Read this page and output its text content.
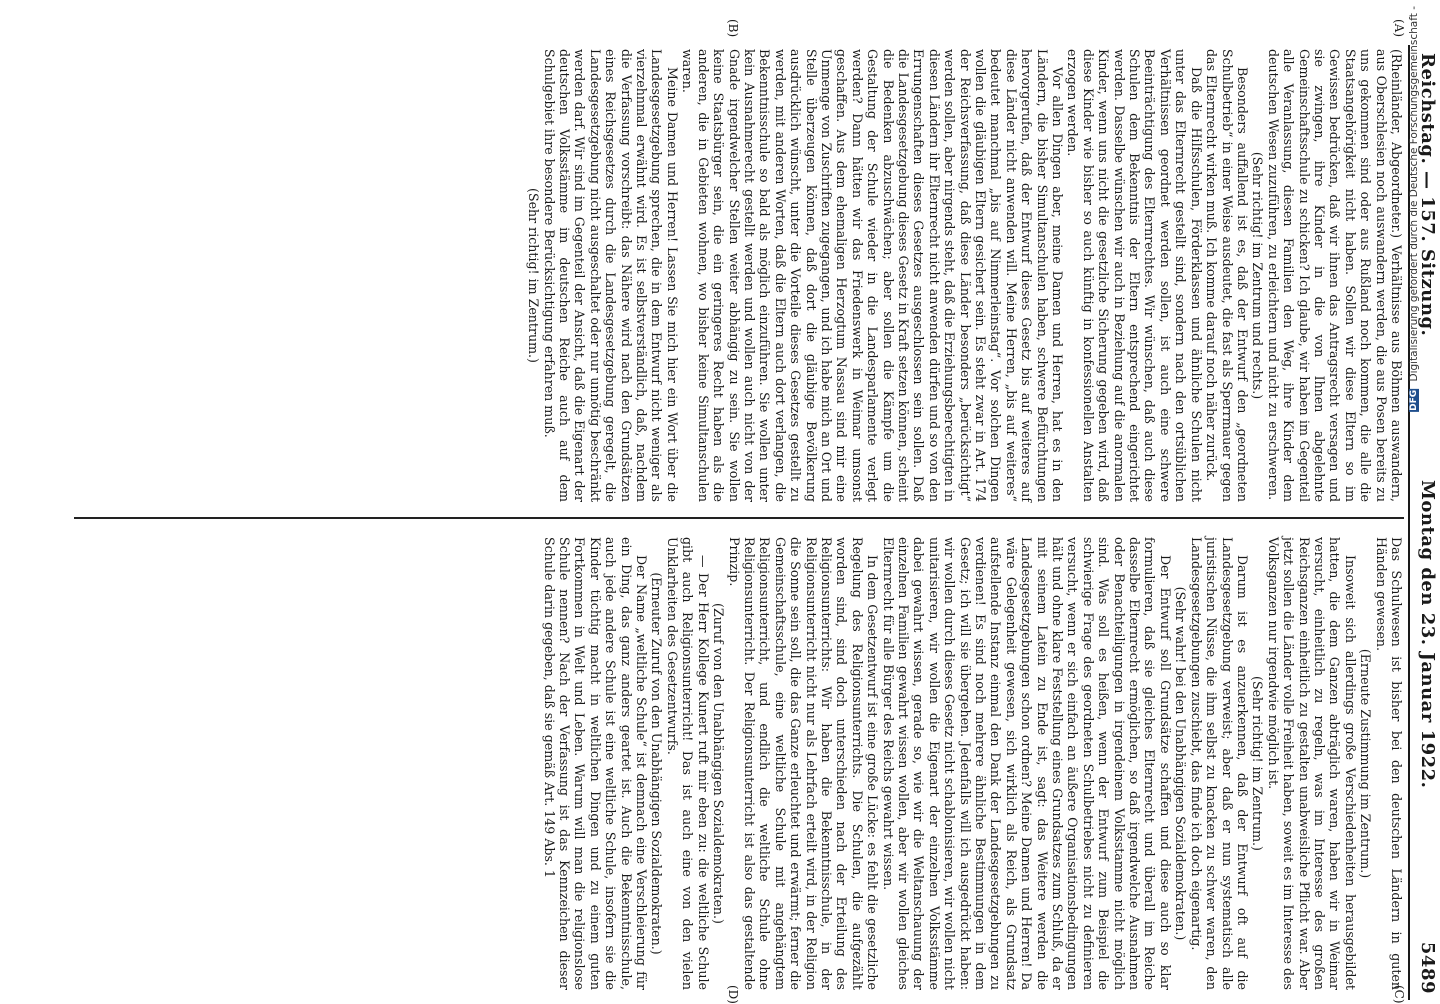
Reichstag. — 157. Sitzung.
Montag den 23. Januar 1922.
5489
(A)
(B)
(C)
(D)

(Rheinländer, Abgeordneter.) Verhältnisse aus Böhmen auswandern, aus Oberschlesien noch auswandern werden, die aus Posen bereits zu uns gekommen sind oder aus Rußland noch kommen, die alle die Staatsangehörigkeit nicht haben. Sollen wir diese Eltern so im Gewissen bedrücken, daß wir ihnen das Antragsrecht versagen und sie zwingen, ihre Kinder in die von Ihnen abgelehnte Gemeinschaftsschule zu schicken? Ich glaube, wir haben im Gegenteil alle Veranlassung, diesen Familien den Weg, ihre Kinder dem deutschen Wesen zuzuführen, zu erleichtern und nicht zu erschweren.

(Sehr richtig! im Zentrum und rechts.)

Besonders auffallend ist es, daß der Entwurf den „geordneten Schulbetrieb“ in einer Weise ausdeutet, die fast als Sperrmauer gegen das Elternrecht wirken muß. Ich komme darauf noch näher zurück.

Daß die Hilfsschulen, Förderklassen und ähnliche Schulen nicht unter das Elternrecht gestellt sind, sondern nach den ortsüblichen Verhältnissen geordnet werden sollen, ist auch eine schwere Beeinträchtigung des Elternrechtes. Wir wünschen, daß auch diese Schulen dem Bekenntnis der Eltern entsprechend eingerichtet werden. Dasselbe wünschen wir auch in Beziehung auf die anormalen Kinder, wenn uns nicht die gesetzliche Sicherung gegeben wird, daß diese Kinder wie bisher so auch künftig in konfessionellen Anstalten erzogen werden.

Vor allen Dingen aber, meine Damen und Herren, hat es in den Ländern, die bisher Simultanschulen haben, schwere Befürchtungen hervorgerufen, daß der Entwurf dieses Gesetz bis auf weiteres auf diese Länder nicht anwenden will. Meine Herren, „bis auf weiteres“ bedeutet manchmal „bis auf Nimmerleinstag“. Vor solchen Dingen wollen die gläubigen Eltern gesichert sein. Es steht zwar in Art. 174 der Reichsverfassung, daß diese Länder besonders „berücksichtigt“ werden sollen, aber nirgends steht, daß die Erziehungsberechtigten in diesen Ländern ihr Elternrecht nicht anwenden dürfen und so von den Errungenschaften dieses Gesetzes ausgeschlossen sein sollen. Daß die Landesgesetzgebung dieses Gesetz in Kraft setzen können, scheint die Bedenken abzuschwächen; aber sollen die Kämpfe um die Gestaltung der Schule wieder in die Landesparlamente verlegt werden? Dann hätten wir das Friedenswerk in Weimar umsonst geschaffen. Aus dem ehemaligen Herzogtum Nassau sind mir eine Unmenge von Zuschriften zugegangen, und ich habe mich an Ort und Stelle überzeugen können, daß dort die gläubige Bevölkerung ausdrücklich wünscht, unter die Vorteile dieses Gesetzes gestellt zu werden, mit anderen Worten, daß die Eltern auch dort verlangen, die Bekenntnisschule so bald als möglich einzuführen. Sie wollen unter kein Ausnahmerecht gestellt werden und wollen auch nicht von der Gnade irgendwelcher Stellen weiter abhängig zu sein. Sie wollen keine Staatsbürger sein, die ein geringeres Recht haben als die anderen, die in Gebieten wohnen, wo bisher keine Simultanschulen waren.

Meine Damen und Herren! Lassen Sie mich hier ein Wort über die Landesgesetzgebung sprechen, die in dem Entwurf nicht weniger als vierzehnmal erwähnt wird. Es ist selbstverständlich, daß, nachdem die Verfassung vorschreibt: das Nähere wird nach den Grundsätzen eines Reichsgesetzes durch die Landesgesetzgebung geregelt, die Landesgesetzgebung nicht ausgeschaltet oder nur unnötig beschränkt werden darf. Wir sind im Gegenteil der Ansicht, daß die Eigenart der deutschen Volksstämme im deutschen Reiche auch auf dem Schulgebiet ihre besondere Berücksichtigung erfahren muß.

(Sehr richtig! im Zentrum.)

Das Schulwesen ist bisher bei den deutschen Ländern in guten Händen gewesen.

(Erneute Zustimmung im Zentrum.)

Insoweit sich allerdings große Verschiedenheiten herausgebildet hatten, die dem Ganzen abträglich waren, haben wir in Weimar versucht, einheitlich zu regeln, was im Interesse des großen Reichsganzen einheitlich zu gestalten unabweisliche Pflicht war. Aber jetzt sollen die Länder volle Freiheit haben, soweit es im Interesse des Volksganzen nur irgendwie möglich ist.

(Sehr richtig! im Zentrum.)

Darum ist es anzuerkennen, daß der Entwurf oft auf die Landesgesetzgebung verweist; aber daß er nun systematisch alle juristischen Nüsse, die ihm selbst zu knacken zu schwer waren, den Landesgesetzgebungen zuschiebt, das finde ich doch eigenartig.

(Sehr wahr! bei den Unabhängigen Sozialdemokraten.)

Der Entwurf soll Grundsätze schaffen und diese auch so klar formulieren, daß sie gleiches Elternrecht und überall im Reiche dasselbe Elternrecht ermöglichen, so daß irgendwelche Ausnahmen oder Benachteiligungen in irgendeinem Volksstamme nicht möglich sind. Was soll es heißen, wenn der Entwurf zum Beispiel die schwierige Frage des geordneten Schulbetriebes nicht zu definieren versucht, wenn er sich einfach an äußere Organisationsbedingungen hält und ohne klare Feststellung eines Grundsatzes zum Schluß, da er mit seinem Latein zu Ende ist, sagt: das Weitere werden die Landesgesetzgebungen schon ordnen? Meine Damen und Herren! Da wäre Gelegenheit gewesen, sich wirklich als Reich, als Grundsatz aufstellende Instanz einmal den Dank der Landesgesetzgebungen zu verdienen! Es sind noch mehrere ähnliche Bestimmungen in dem Gesetz; ich will sie übergehen. Jedenfalls will ich ausgedrückt haben: wir wollen durch dieses Gesetz nicht schablonisieren, wir wollen nicht unitarisieren, wir wollen die Eigenart der einzelnen Volksstämme dabei gewahrt wissen, gerade so, wie wir die Weltanschauung der einzelnen Familien gewahrt wissen wollen, aber wir wollen gleiches Elternrecht für alle Bürger des Reichs gewahrt wissen.

In dem Gesetzentwurf ist eine große Lücke: es fehlt die gesetzliche Regelung des Religionsunterrichts. Die Schulen, die aufgezählt worden sind, sind doch unterschieden nach der Erteilung des Religionsunterrichts: Wir haben die Bekenntnisschule, in der Religionsunterricht nicht nur als Lehrfach erteilt wird, in der Religion die Sonne sein soll, die das Ganze erleuchtet und erwärmt; ferner die Gemeinschaftsschule, eine weltliche Schule mit angehängtem Religionsunterricht, und endlich die weltliche Schule ohne Religionsunterricht. Der Religionsunterricht ist also das gestaltende Prinzip.

(Zuruf von den Unabhängigen Sozialdemokraten.)

— Der Herr Kollege Kunert ruft mir eben zu: die weltliche Schule gibt auch Religionsunterricht! Das ist auch eine von den vielen Unklarheiten des Gesetzentwurfs.

(Erneuter Zuruf von den Unabhängigen Sozialdemokraten.)

Der Name „weltliche Schule“ ist demnach eine Verschleierung für ein Ding, das ganz anders geartet ist. Auch die Bekenntnisschule, auch jede andere Schule ist eine weltliche Schule, insofern sie die Kinder tüchtig macht in weltlichen Dingen und zu einem guten Fortkommen in Welt und Leben. Warum will man die religionslose Schule nennen? Nach der Verfassung ist das Kennzeichen dieser Schule darin gegeben, daß sie gemäß Art. 149 Abs. 1

DFG Digitalisierung gefördert durch die Deutsche Forschungsgemeinschaft -
